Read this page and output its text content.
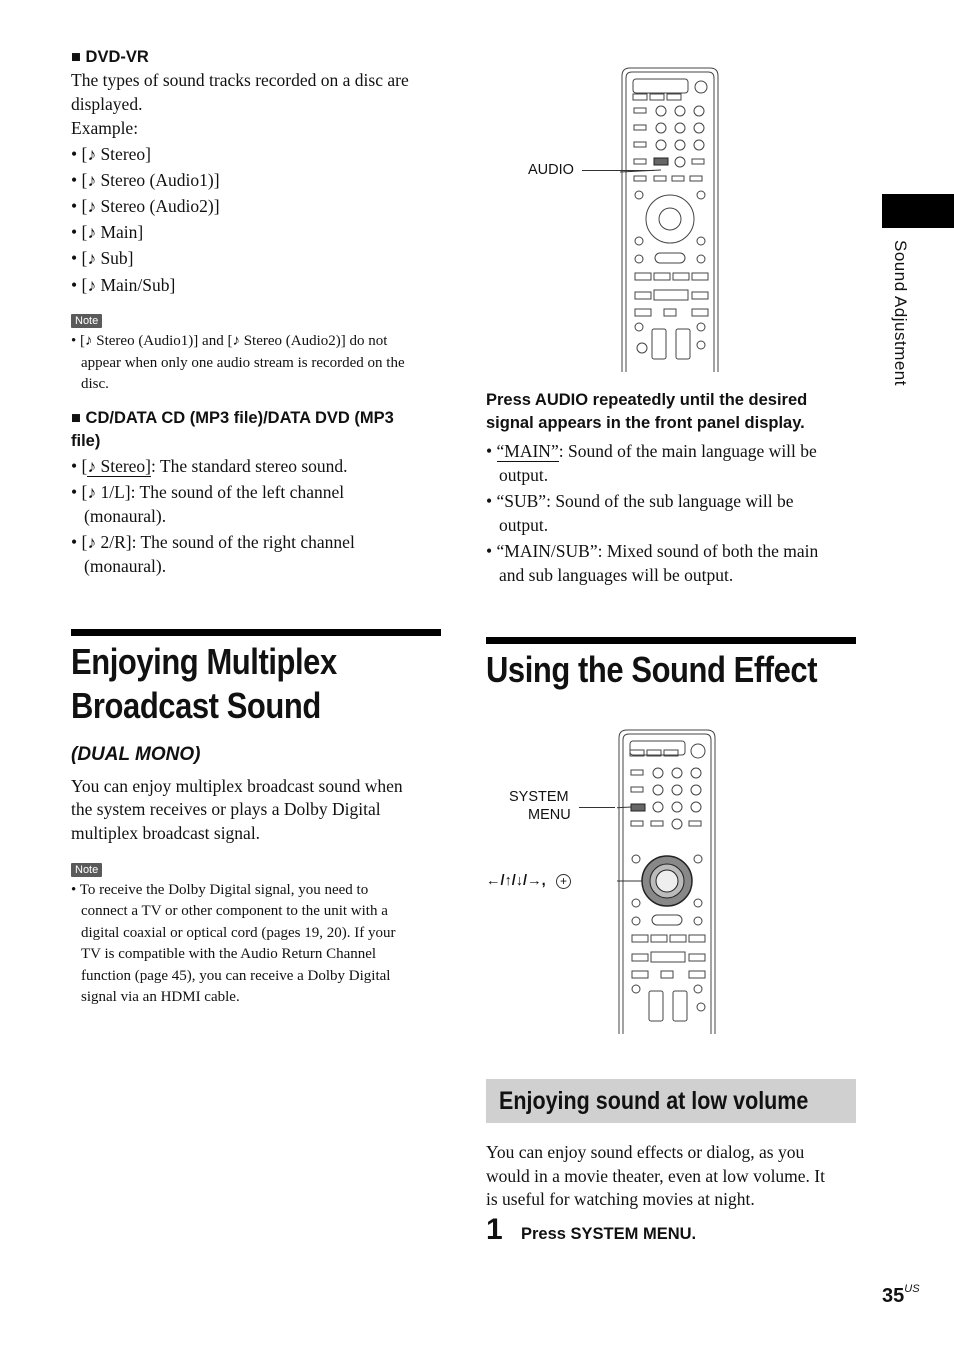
■ DVD-VR
The types of sound tracks recorded on a disc are
displayed.
Example:
• [♪ Stereo]
• [♪ Stereo (Audio1)]
• [♪ Stereo (Audio2)]
• [♪ Main]
• [♪ Sub]
• [♪ Main/Sub]
Note
• [♪ Stereo (Audio1)] and [♪ Stereo (Audio2)] do not
appear when only one audio stream is recorded on the
disc.
■ CD/DATA CD (MP3 file)/DATA DVD (MP3
file)
• [♪ Stereo]: The standard stereo sound.
• [♪ 1/L]: The sound of the left channel
(monaural).
• [♪ 2/R]: The sound of the right channel
(monaural).
Enjoying Multiplex
Broadcast Sound
(DUAL MONO)
You can enjoy multiplex broadcast sound when
the system receives or plays a Dolby Digital
multiplex broadcast signal.
Note
• To receive the Dolby Digital signal, you need to
connect a TV or other component to the unit with a
digital coaxial or optical cord (pages 19, 20). If your
TV is compatible with the Audio Return Channel
function (page 45), you can receive a Dolby Digital
signal via an HDMI cable.
AUDIO
Press AUDIO repeatedly until the desired
signal appears in the front panel display.
• “MAIN”: Sound of the main language will be
output.
• “SUB”: Sound of the sub language will be
output.
• “MAIN/SUB”: Mixed sound of both the main
and sub languages will be output.
Using the Sound Effect
SYSTEM
MENU
←/↑/↓/→,	+
Enjoying sound at low volume
You can enjoy sound effects or dialog, as you
would in a movie theater, even at low volume. It
is useful for watching movies at night.
1 Press SYSTEM MENU.
Sound Adjustment
$35^{US}$
